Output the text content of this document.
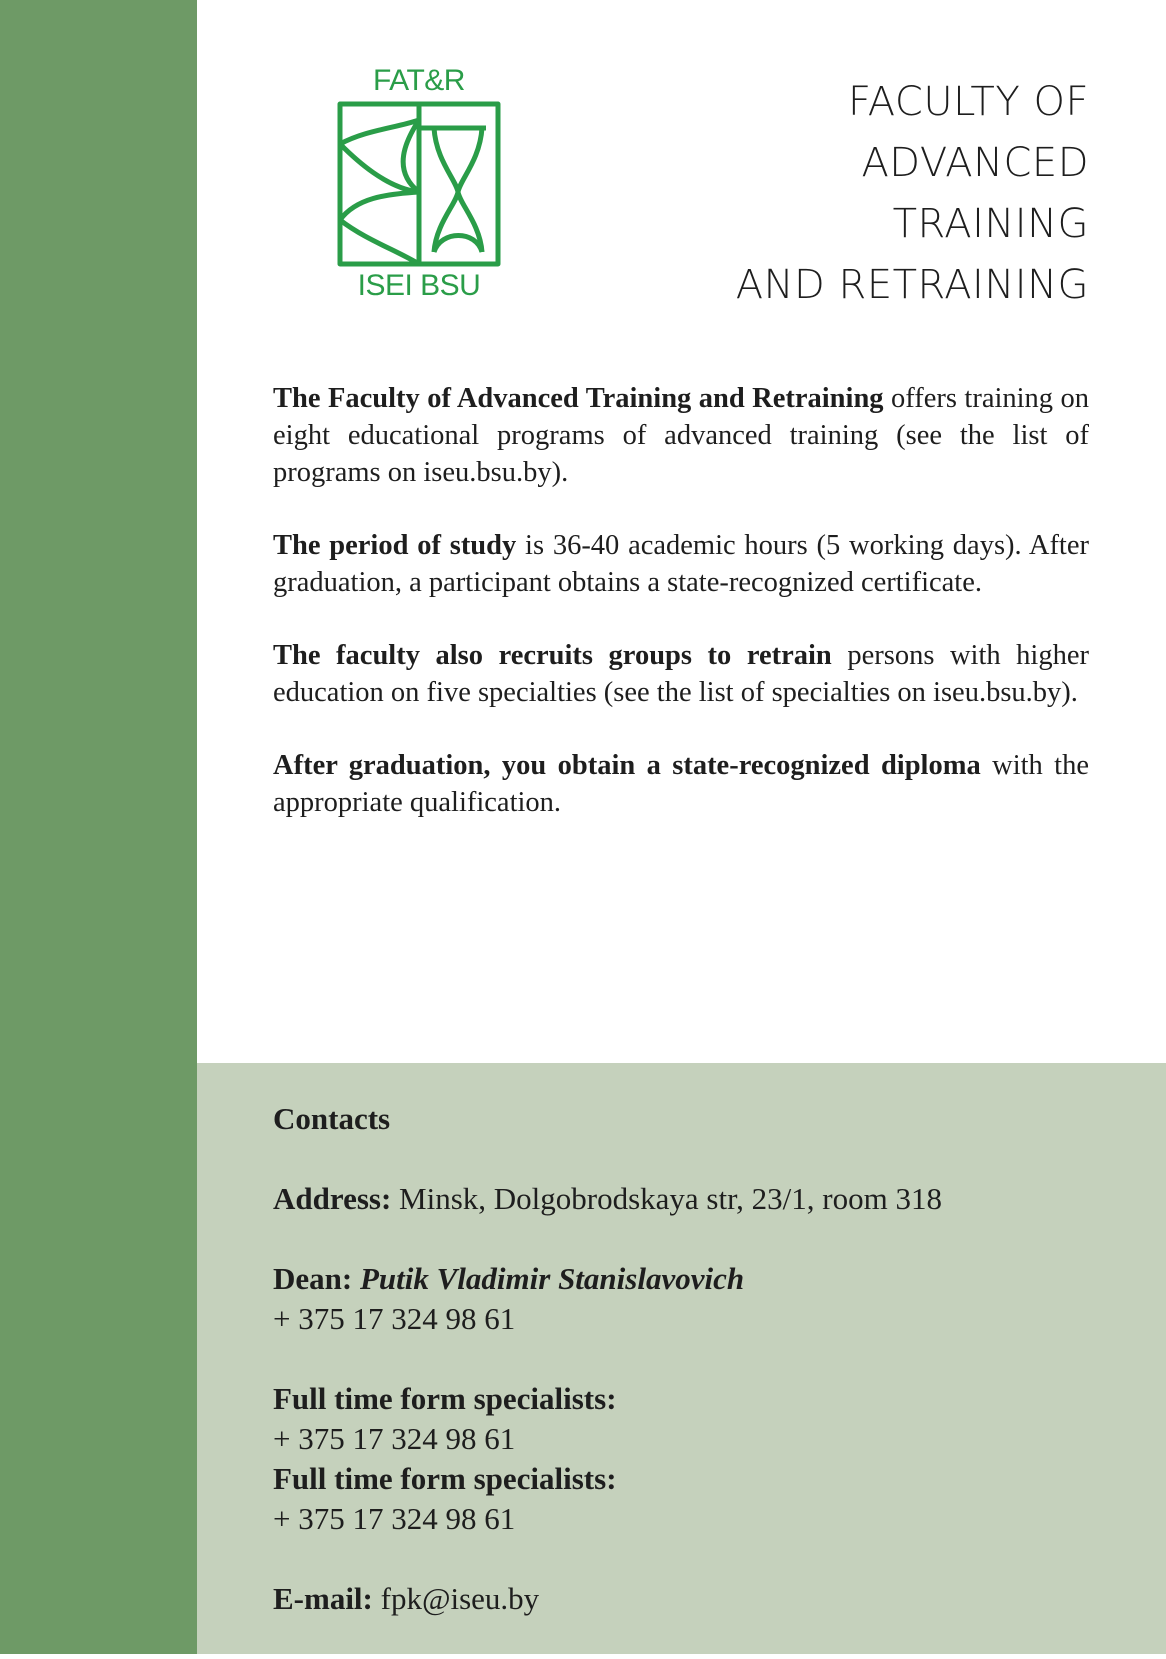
FAT&R
ISEI BSU
FACULTY OF
ADVANCED
TRAINING
AND RETRAINING

The Faculty of Advanced Training and Retraining offers training on eight educational programs of advanced training (see the list of programs on iseu.bsu.by).

The period of study is 36-40 academic hours (5 working days). After graduation, a participant obtains a state-recognized certificate.

The faculty also recruits groups to retrain persons with higher education on five specialties (see the list of specialties on iseu.bsu.by).

After graduation, you obtain a state-recognized diploma with the appropriate qualification.

Contacts
Address: Minsk, Dolgobrodskaya str, 23/1, room 318
Dean: Putik Vladimir Stanislavovich
+ 375 17 324 98 61
Full time form specialists:
+ 375 17 324 98 61
Full time form specialists:
+ 375 17 324 98 61
E-mail: fpk@iseu.by
